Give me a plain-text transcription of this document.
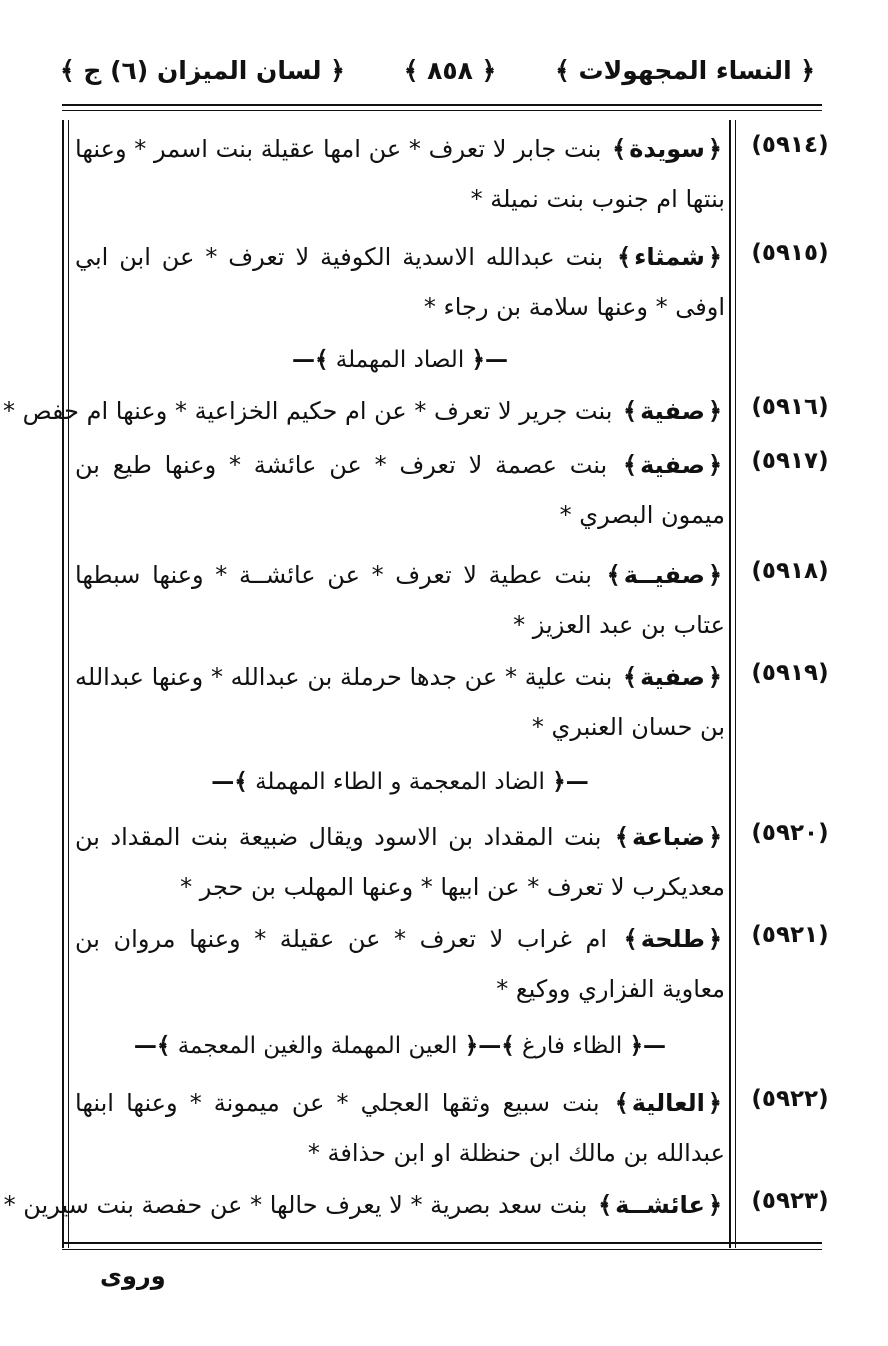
﴿ النساء المجهولات ﴾
﴿ ٨٥٨ ﴾
﴿ لسان الميزان (٦) ج ﴾
(٥٩١٤)
﴿سويدة﴾ بنت جابر لا تعرف * عن امها عقيلة بنت اسمر * وعنها بنتها ام جنوب بنت نميلة *
(٥٩١٥)
﴿شمثاء﴾ بنت عبدالله الاسدية الكوفية لا تعرف * عن ابن ابي اوفى * وعنها سلامة بن رجاء *
—﴿ الصاد المهملة ﴾—
(٥٩١٦)
﴿صفية﴾ بنت جرير لا تعرف * عن ام حكيم الخزاعية * وعنها ام حفص *
(٥٩١٧)
﴿صفية﴾ بنت عصمة لا تعرف * عن عائشة * وعنها طيع بن ميمون البصري *
(٥٩١٨)
﴿صفيــة﴾ بنت عطية لا تعرف * عن عائشــة * وعنها سبطها عتاب بن عبد العزيز *
(٥٩١٩)
﴿صفية﴾ بنت علية * عن جدها حرملة بن عبدالله * وعنها عبدالله بن حسان العنبري *
—﴿ الضاد المعجمة و الطاء المهملة ﴾—
(٥٩٢٠)
﴿ضباعة﴾ بنت المقداد بن الاسود ويقال ضبيعة بنت المقداد بن معديكرب لا تعرف * عن ابيها * وعنها المهلب بن حجر *
(٥٩٢١)
﴿طلحة﴾ ام غراب لا تعرف * عن عقيلة * وعنها مروان بن معاوية الفزاري ووكيع *
—﴿ الظاء فارغ ﴾—﴿ العين المهملة والغين المعجمة ﴾—
(٥٩٢٢)
﴿العالية﴾ بنت سبيع وثقها العجلي * عن ميمونة * وعنها ابنها عبدالله بن مالك ابن حنظلة او ابن حذافة *
(٥٩٢٣)
﴿عائشــة﴾ بنت سعد بصرية * لا يعرف حالها * عن حفصة بنت سيرين *
وروى
